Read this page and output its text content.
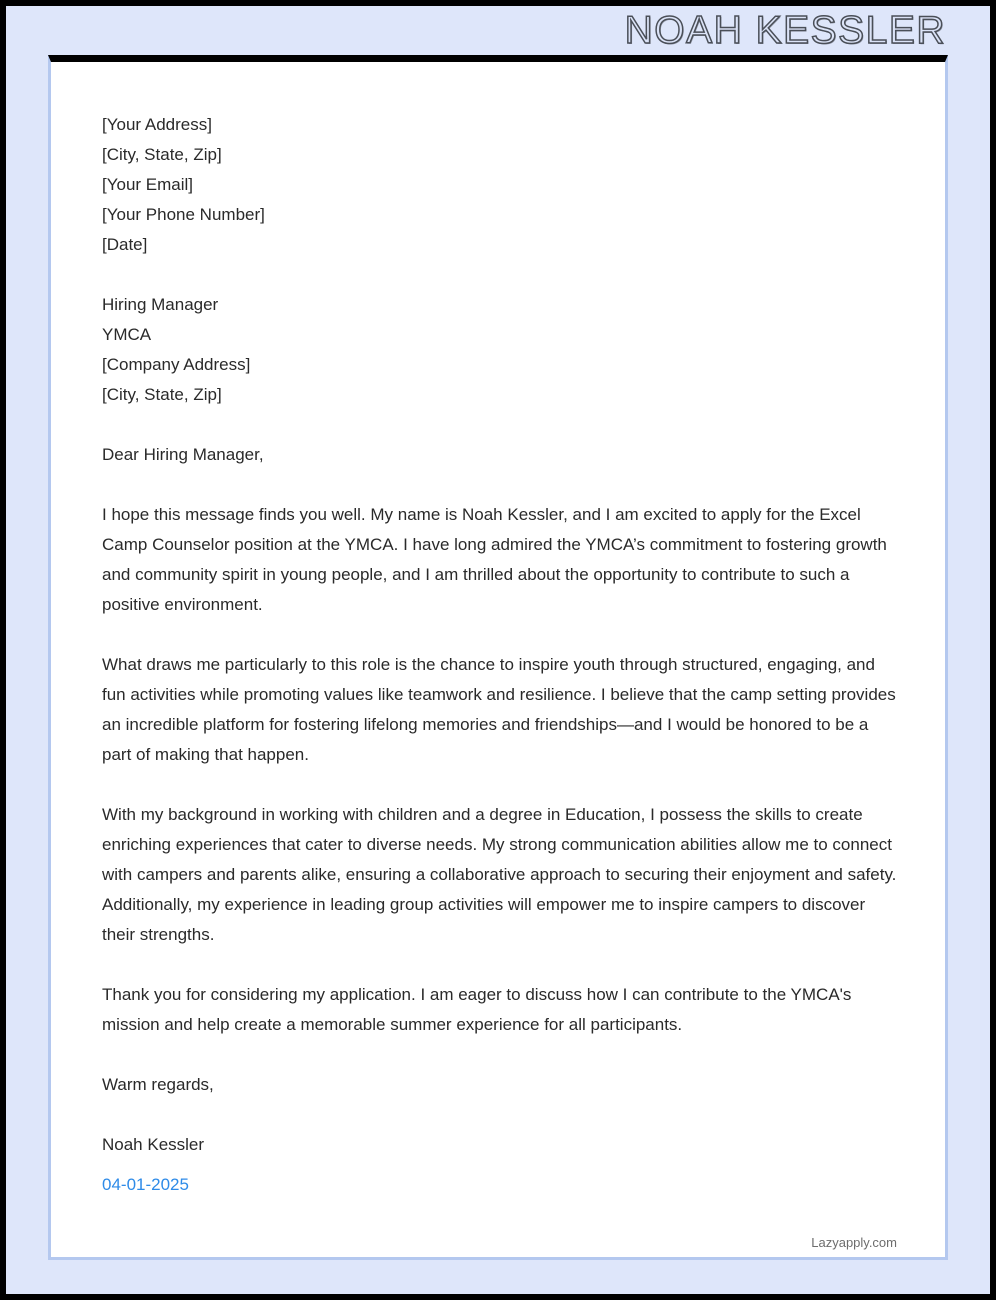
NOAH KESSLER
[Your Address]
[City, State, Zip]
[Your Email]
[Your Phone Number]
[Date]
Hiring Manager
YMCA
[Company Address]
[City, State, Zip]

Dear Hiring Manager,

I hope this message finds you well. My name is Noah Kessler, and I am excited to apply for the Excel Camp Counselor position at the YMCA. I have long admired the YMCA’s commitment to fostering growth and community spirit in young people, and I am thrilled about the opportunity to contribute to such a positive environment.

What draws me particularly to this role is the chance to inspire youth through structured, engaging, and fun activities while promoting values like teamwork and resilience. I believe that the camp setting provides an incredible platform for fostering lifelong memories and friendships—and I would be honored to be a part of making that happen.

With my background in working with children and a degree in Education, I possess the skills to create enriching experiences that cater to diverse needs. My strong communication abilities allow me to connect with campers and parents alike, ensuring a collaborative approach to securing their enjoyment and safety. Additionally, my experience in leading group activities will empower me to inspire campers to discover their strengths.

Thank you for considering my application. I am eager to discuss how I can contribute to the YMCA's mission and help create a memorable summer experience for all participants.

Warm regards,

Noah Kessler

04-01-2025

Lazyapply.com
